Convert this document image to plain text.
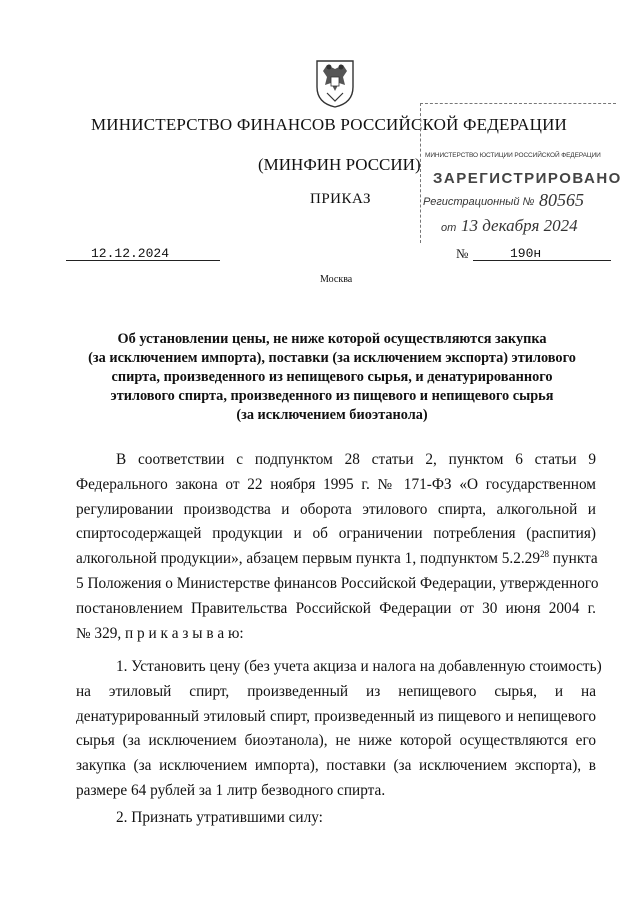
МИНИСТЕРСТВО ФИНАНСОВ РОССИЙСКОЙ ФЕДЕРАЦИИ
(МИНФИН РОССИИ)
ПРИКАЗ
МИНИСТЕРСТВО ЮСТИЦИИ РОССИЙСКОЙ ФЕДЕРАЦИИ
ЗАРЕГИСТРИРОВАНО
Регистрационный № 80565
от 13 декабря 2024
12.12.2024	№	190н
Москва
Об установлении цены, не ниже которой осуществляются закупка
(за исключением импорта), поставки (за исключением экспорта) этилового
спирта, произведенного из непищевого сырья, и денатурированного
этилового спирта, произведенного из пищевого и непищевого сырья
(за исключением биоэтанола)
В соответствии с подпунктом 28 статьи 2, пунктом 6 статьи 9
Федерального закона от 22 ноября 1995 г. № 171-ФЗ «О государственном
регулировании производства и оборота этилового спирта, алкогольной и
спиртосодержащей продукции и об ограничении потребления (распития)
алкогольной продукции», абзацем первым пункта 1, подпунктом 5.2.29$^{28}$ пункта
5 Положения о Министерстве финансов Российской Федерации, утвержденного
постановлением Правительства Российской Федерации от 30 июня 2004 г.
№ 329, п р и к а з ы в а ю:
1. Установить цену (без учета акциза и налога на добавленную стоимость)
на этиловый спирт, произведенный из непищевого сырья, и на
денатурированный этиловый спирт, произведенный из пищевого и непищевого
сырья (за исключением биоэтанола), не ниже которой осуществляются его
закупка (за исключением импорта), поставки (за исключением экспорта), в
размере 64 рублей за 1 литр безводного спирта.
2. Признать утратившими силу:
